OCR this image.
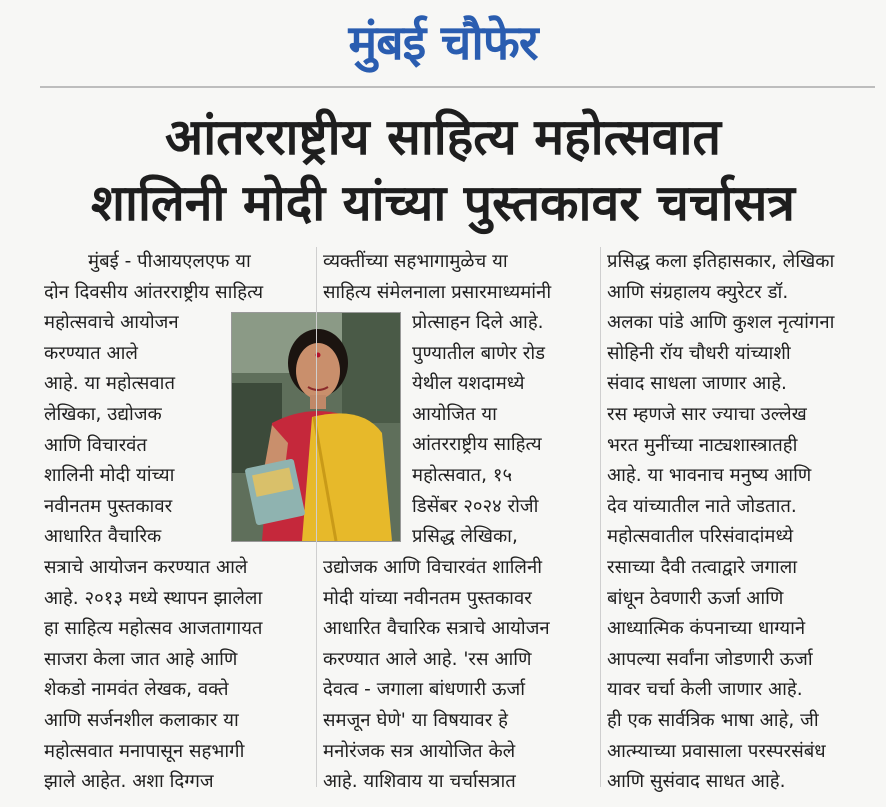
मुंबई चौफेर
आंतरराष्ट्रीय साहित्य महोत्सवात
शालिनी मोदी यांच्या पुस्तकावर चर्चासत्र
मुंबई - पीआयएलएफ या
दोन दिवसीय आंतरराष्ट्रीय साहित्य
महोत्सवाचे आयोजन
करण्यात आले
आहे. या महोत्सवात
लेखिका, उद्योजक
आणि विचारवंत
शालिनी मोदी यांच्या
नवीनतम पुस्तकावर
आधारित वैचारिक
सत्राचे आयोजन करण्यात आले
आहे. २०१३ मध्ये स्थापन झालेला
हा साहित्य महोत्सव आजतागायत
साजरा केला जात आहे आणि
शेकडो नामवंत लेखक, वक्ते
आणि सर्जनशील कलाकार या
महोत्सवात मनापासून सहभागी
झाले आहेत. अशा दिग्गज
व्यक्तींच्या सहभागामुळेच या
साहित्य संमेलनाला प्रसारमाध्यमांनी
प्रोत्साहन दिले आहे.
पुण्यातील बाणेर रोड
येथील यशदामध्ये
आयोजित या
आंतरराष्ट्रीय साहित्य
महोत्सवात, १५
डिसेंबर २०२४ रोजी
प्रसिद्ध लेखिका,
उद्योजक आणि विचारवंत शालिनी
मोदी यांच्या नवीनतम पुस्तकावर
आधारित वैचारिक सत्राचे आयोजन
करण्यात आले आहे. 'रस आणि
देवत्व - जगाला बांधणारी ऊर्जा
समजून घेणे' या विषयावर हे
मनोरंजक सत्र आयोजित केले
आहे. याशिवाय या चर्चासत्रात
प्रसिद्ध कला इतिहासकार, लेखिका
आणि संग्रहालय क्युरेटर डॉ.
अलका पांडे आणि कुशल नृत्यांगना
सोहिनी रॉय चौधरी यांच्याशी
संवाद साधला जाणार आहे.
रस म्हणजे सार ज्याचा उल्लेख
भरत मुनींच्या नाट्यशास्त्रातही
आहे. या भावनाच मनुष्य आणि
देव यांच्यातील नाते जोडतात.
महोत्सवातील परिसंवादांमध्ये
रसाच्या दैवी तत्वाद्वारे जगाला
बांधून ठेवणारी ऊर्जा आणि
आध्यात्मिक कंपनाच्या धाग्याने
आपल्या सर्वांना जोडणारी ऊर्जा
यावर चर्चा केली जाणार आहे.
ही एक सार्वत्रिक भाषा आहे, जी
आत्म्याच्या प्रवासाला परस्परसंबंध
आणि सुसंवाद साधत आहे.
